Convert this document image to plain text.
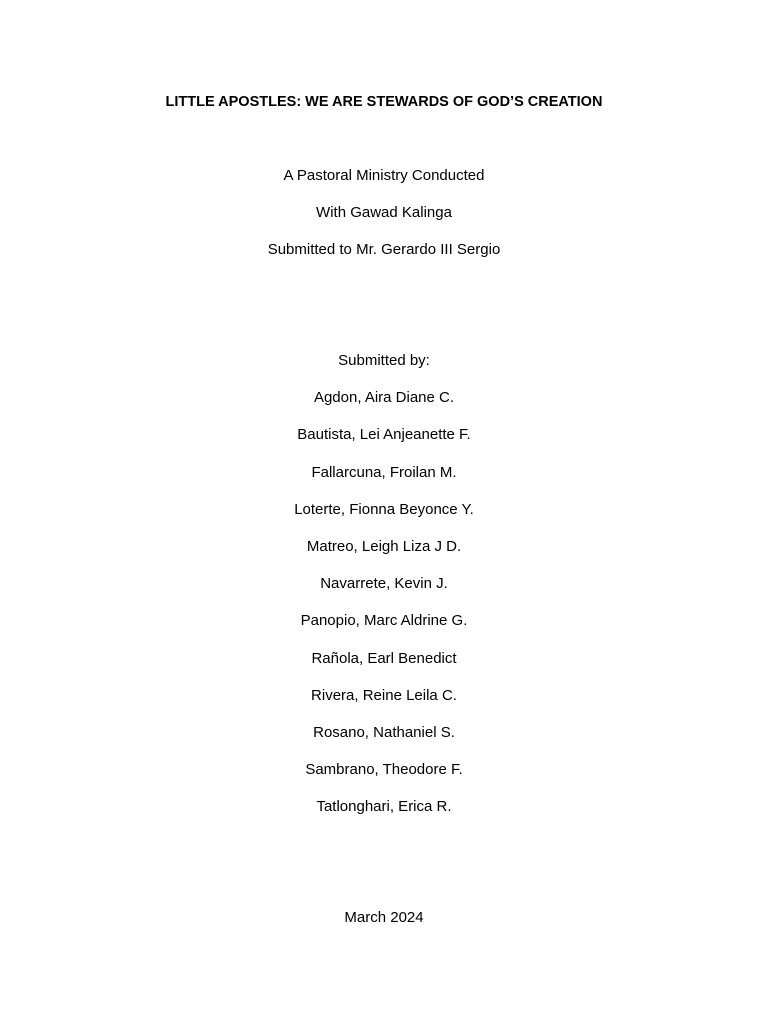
LITTLE APOSTLES: WE ARE STEWARDS OF GOD’S CREATION
A Pastoral Ministry Conducted
With Gawad Kalinga
Submitted to Mr. Gerardo III Sergio
Submitted by:
Agdon, Aira Diane C.
Bautista, Lei Anjeanette F.
Fallarcuna, Froilan M.
Loterte, Fionna Beyonce Y.
Matreo, Leigh Liza J D.
Navarrete, Kevin J.
Panopio, Marc Aldrine G.
Rañola, Earl Benedict
Rivera, Reine Leila C.
Rosano, Nathaniel S.
Sambrano, Theodore F.
Tatlonghari, Erica R.
March 2024
